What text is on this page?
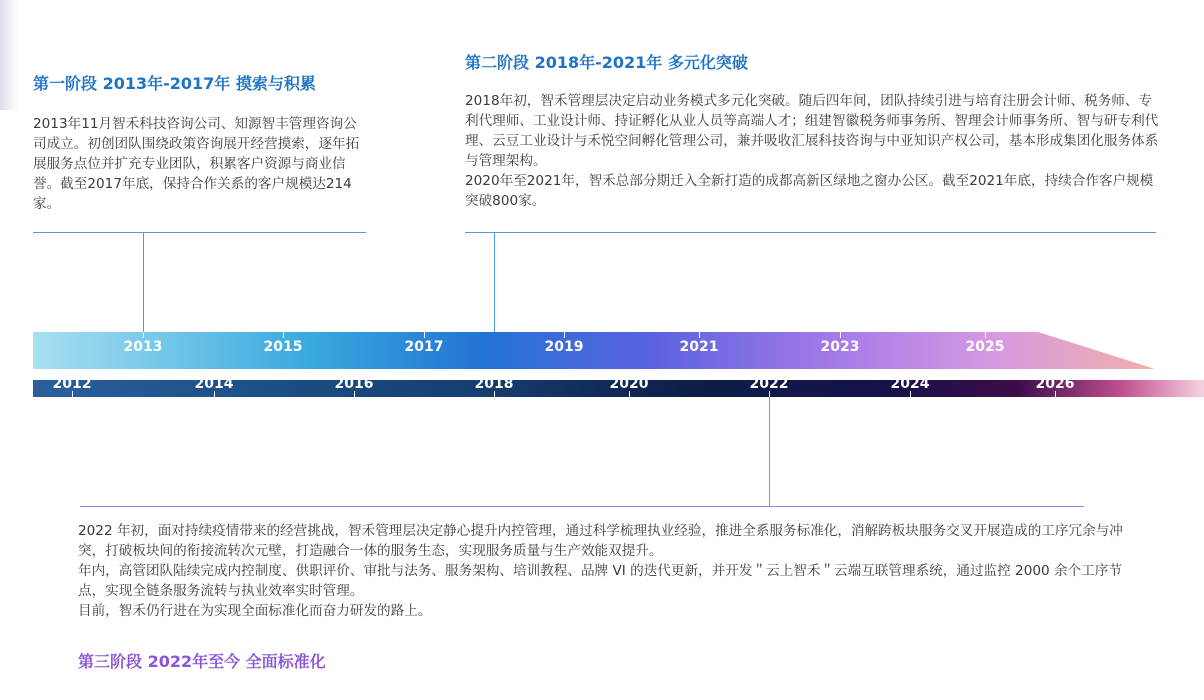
第一阶段 2013年-2017年 摸索与积累

2013年11月智禾科技咨询公司、知源智丰管理咨询公司成立。初创团队围绕政策咨询展开经营摸索，逐年拓展服务点位并扩充专业团队，积累客户资源与商业信誉。截至2017年底，保持合作关系的客户规模达214家。

第二阶段 2018年-2021年 多元化突破

2018年初，智禾管理层决定启动业务模式多元化突破。随后四年间，团队持续引进与培育注册会计师、税务师、专利代理师、工业设计师、持证孵化从业人员等高端人才；组建智徽税务师事务所、智理会计师事务所、智与研专利代理、云豆工业设计与禾悦空间孵化管理公司，兼并吸收汇展科技咨询与中亚知识产权公司，基本形成集团化服务体系与管理架构。

2020年至2021年，智禾总部分期迁入全新打造的成都高新区绿地之窗办公区。截至2021年底，持续合作客户规模突破800家。

2013	2015	2017	2019	2021	2023	2025
2012	2014	2016	2018	2020	2022	2024	2026

2022 年初，面对持续疫情带来的经营挑战，智禾管理层决定静心提升内控管理，通过科学梳理执业经验，推进全系服务标准化，消解跨板块服务交叉开展造成的工序冗余与冲突，打破板块间的衔接流转次元壁，打造融合一体的服务生态，实现服务质量与生产效能双提升。

年内，高管团队陆续完成内控制度、供职评价、审批与法务、服务架构、培训教程、品牌 VI 的迭代更新，并开发＂云上智禾＂云端互联管理系统，通过监控 2000 余个工序节点，实现全链条服务流转与执业效率实时管理。

目前，智禾仍行进在为实现全面标准化而奋力研发的路上。

第三阶段 2022年至今 全面标准化
